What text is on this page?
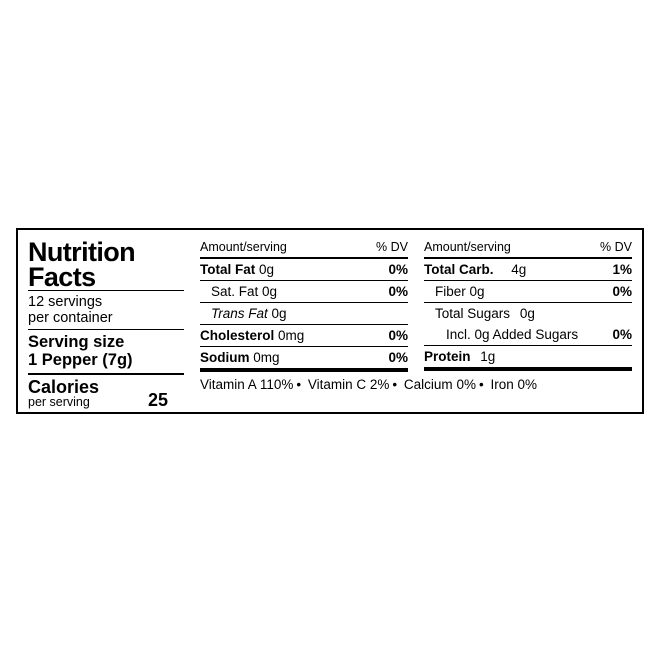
Nutrition
Facts
12 servings
per container
Serving size
1 Pepper (7g)
Calories
per serving	25
Amount/serving	% DV
Total Fat 0g	0%
Sat. Fat 0g	0%
Trans Fat 0g
Cholesterol 0mg	0%
Sodium 0mg	0%
Amount/serving	% DV
Total Carb. 4g	1%
Fiber 0g	0%
Total Sugars 0g
Incl. 0g Added Sugars	0%
Protein 1g
Vitamin A 110% • Vitamin C 2% • Calcium 0% • Iron 0%
